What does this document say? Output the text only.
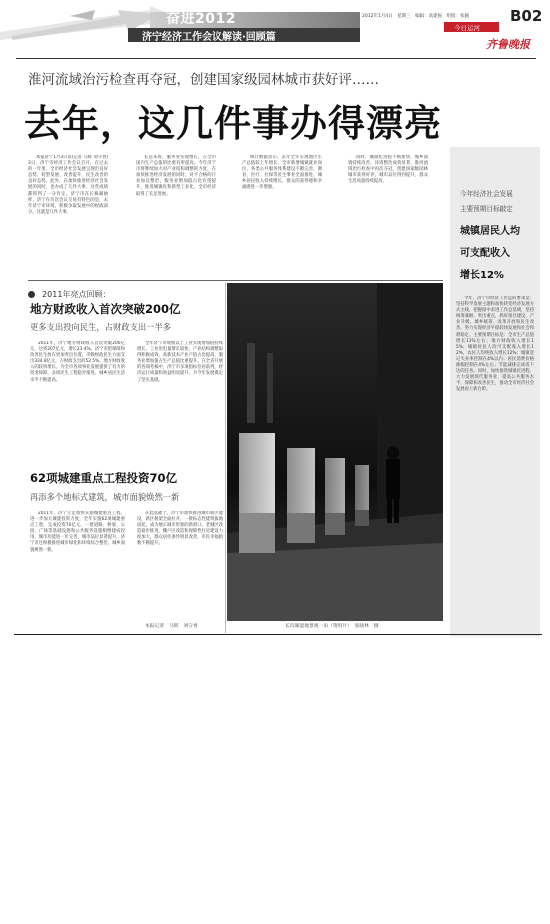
奋进2012
济宁经济工作会议解读·回顾篇
2012年1月4日　星期三　编辑：高建振　组版：张颖	B02
今日运河
齐鲁晚报
淮河流域治污检查再夺冠，创建国家级园林城市获好评……
去年，这几件事办得漂亮

本报济宁1月3日讯(记者 马辉 刘守香) 3日，济宁市经济工作会议召开，在过去的一年里，全市经济社会发展呈现出良好态势，转型发展、改善提升、民生改善的良好态势。此外，在加快推进经济社会发展的同时，也办成了几件大事，这些成绩都得到了一分肯定。济宁市在长株湖抽样，济宁在历次会议交易有特色的是，去年济宁市环境、积极争取发展中的财政部分。这就是几件大事。

长远来看，服务业实现增长，占全市国内生产总值的比重有所提高。今年济宁市将继续加大对产业结构调整的力度，在加快推进经济发展的同时，对不合格的行业加以整治，服务业增加值占比有望提升，推进城镇化和新型工业化，全市经济取得了长足进展。

统计数据显示，去年全年实现地区生产总值较上年增长，全市新增城镇就业岗位，各类公共服务体系建设不断完善，教育、医疗、社保等民生事业全面推进，城乡居民收入持续增长，群众的获得感和幸福感进一步增强。

同时，城镇化进程不断加快，城乡面貌持续改善，环境整治成效显著，淮河流域治污检查中再次夺冠，创建国家级园林城市获得好评，城市品位得到提升，群众生活质量持续提高。

今年经济社会发展
主要预期目标敲定
城镇居民人均
可支配收入
增长12%

今年，济宁市经济工作总的要求是：坚持科学发展主题和加快转变经济发展方式主线，把握稳中求进工作总基调，坚持统筹兼顾、突出重点，抓好项目建设、产业升级、城乡统筹、改革开放和民生改善，努力实现经济平稳较快发展和社会和谐稳定。主要预期目标是：全市生产总值增长11%左右；地方财政收入增长15%；城镇居民人均可支配收入增长12%，农民人均纯收入增长12%；城镇登记失业率控制在4%以内；居民消费价格涨幅控制在4%左右；节能减排完成省下达的任务。同时，加快推进城镇化进程，大力发展现代服务业，提高公共服务水平，保障和改善民生，推动全市经济社会发展再上新台阶。

2011年亮点回顾：
地方财政收入首次突破200亿
更多支出投向民生，占财政支出一半多

2011年，济宁地方财政收入首次突破200亿元，达到207亿元，增长23.4%。济宁市把保障和改善民生放在更加突出位置，市级财政民生方面支出334.8亿元，占财政支出的52.5%。地方财政收入的较快增长，为全市各项事业发展提供了有力的资金保障，多项民生工程稳步推进，城乡居民生活水平不断提高。

全年济宁市规模以上工业实现增加值持续增长，工业用电量增长较快，产业结构调整取得积极成效，高新技术产业产值占比提高，服务业增加值占生产总值比重提升。在全省开展的各项考核中，济宁市多项指标位居前列，经济运行质量和效益明显提升，为今年发展奠定了坚实基础。

62项城建重点工程投资70亿
再添多个地标式建筑，城市面貌焕然一新

2011年，济宁立足加快实施城建重点工程，进一步加大城建投资力度，全年实施62项城建重点工程，完成投资70亿元。一批道路、桥梁、公园、广场等基础设施和公共服务设施相继建成投用，城市功能进一步完善，城市品位显著提升。济宁市还积极推进城市绿化和环境综合整治，城乡面貌焕然一新。

在此基础上，济宁市加快推进城市新区建设，新区框架全面拉开，一批标志性建筑拔地而起，成为展示城市形象的新窗口。老城区改造稳步推进，棚户区改造和保障性住房建设力度加大，群众居住条件明显改善，市民幸福指数不断提升。

本报记者　马辉　刘守香	长沟湖湿地景观一角（资料片）　张晓林　摄
